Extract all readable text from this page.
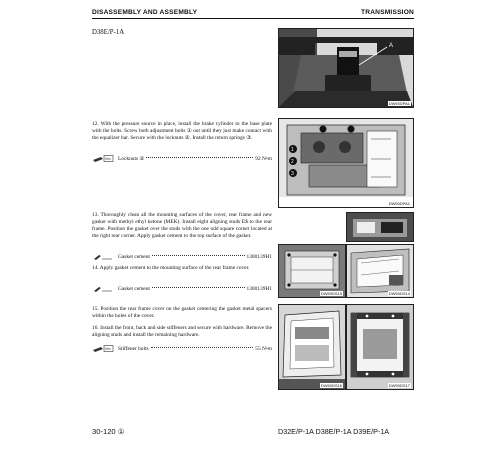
DISASSEMBLY AND ASSEMBLY	TRANSMISSION
D38E/P-1A
A
DW50DPA1
12. With the pressure source in place, install the brake cylinder to the base plate with the bolts. Screw both adjustment bolts ① out until they just make contact with the equalizer bar. Secure with the locknuts ②. Install the return springs ③.
Nm Locknuts ②	92 N•m
1
2
3
DW50DPA1
13. Thoroughly clean all the mounting surfaces of the cover, rear frame and new gasket with methyl ethyl ketone (MEK). Install eight aligning studs E$ to the rear frame. Position the gasket over the studs with the one odd square corner located at the right rear corner. Apply gasket cement to the top surface of the gasket.
Gasket cement	1300139H1
DW50DS15	DW50DS14
14. Apply gasket cement to the mounting surface of the rear frame cover.
Gasket cement	1300139H1
15. Position the rear frame cover on the gasket centering the gasket metal spacers within the holes of the cover.
16. Install the front, back and side stiffeners and secure with hardware. Remove the aligning studs and install the remaining hardware.
Nm Stiffener bolts	55 N•m
DW50DS16	DW50DS17
30-120 ①	D32E/P-1A D38E/P-1A D39E/P-1A
